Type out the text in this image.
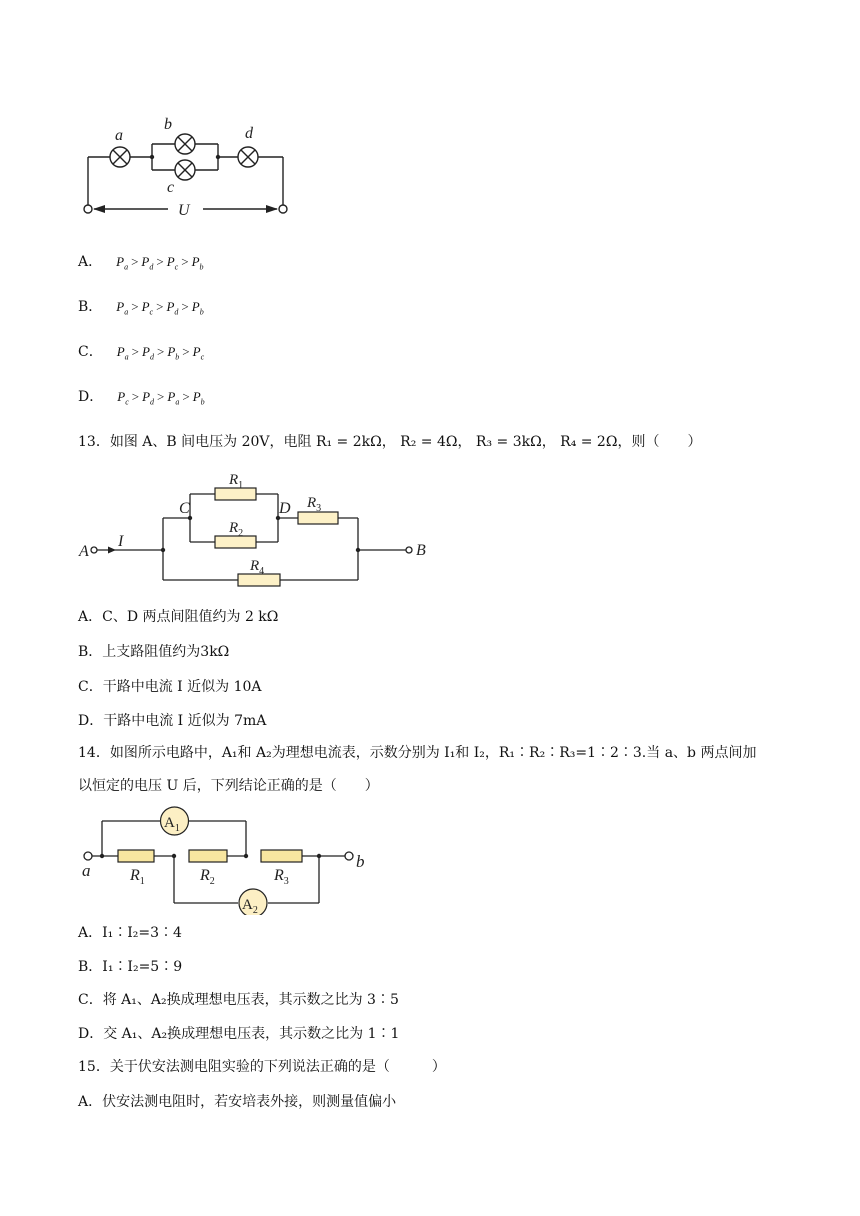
a
b
c
d
U
A． $P_a > P_d > P_c > P_b$
B． $P_a > P_c > P_d > P_b$
C． $P_a > P_d > P_b > P_c$
D． $P_c > P_d > P_a > P_b$
13．如图 A、B 间电压为 20V，电阻 R₁ = 2kΩ， R₂ = 4Ω， R₃ = 3kΩ， R₄ = 2Ω，则（　　）
$R_1$
$R_2$
$R_3$
$R_4$
A	B
C	D
I
A．C、D 两点间阻值约为 2 kΩ
B．上支路阻值约为3kΩ
C．干路中电流 I 近似为 10A
D．干路中电流 I 近似为 7mA
14．如图所示电路中，A₁和 A₂为理想电流表，示数分别为 I₁和 I₂，R₁∶R₂∶R₃=1∶2∶3.当 a、b 两点间加
以恒定的电压 U 后，下列结论正确的是（　　）
$A_1$
$A_2$
$R_1$	$R_2$	$R_3$
a	b
A．I₁∶I₂=3∶4
B．I₁∶I₂=5∶9
C．将 A₁、A₂换成理想电压表，其示数之比为 3∶5
D．交 A₁、A₂换成理想电压表，其示数之比为 1∶1
15．关于伏安法测电阻实验的下列说法正确的是（　　　）
A．伏安法测电阻时，若安培表外接，则测量值偏小
